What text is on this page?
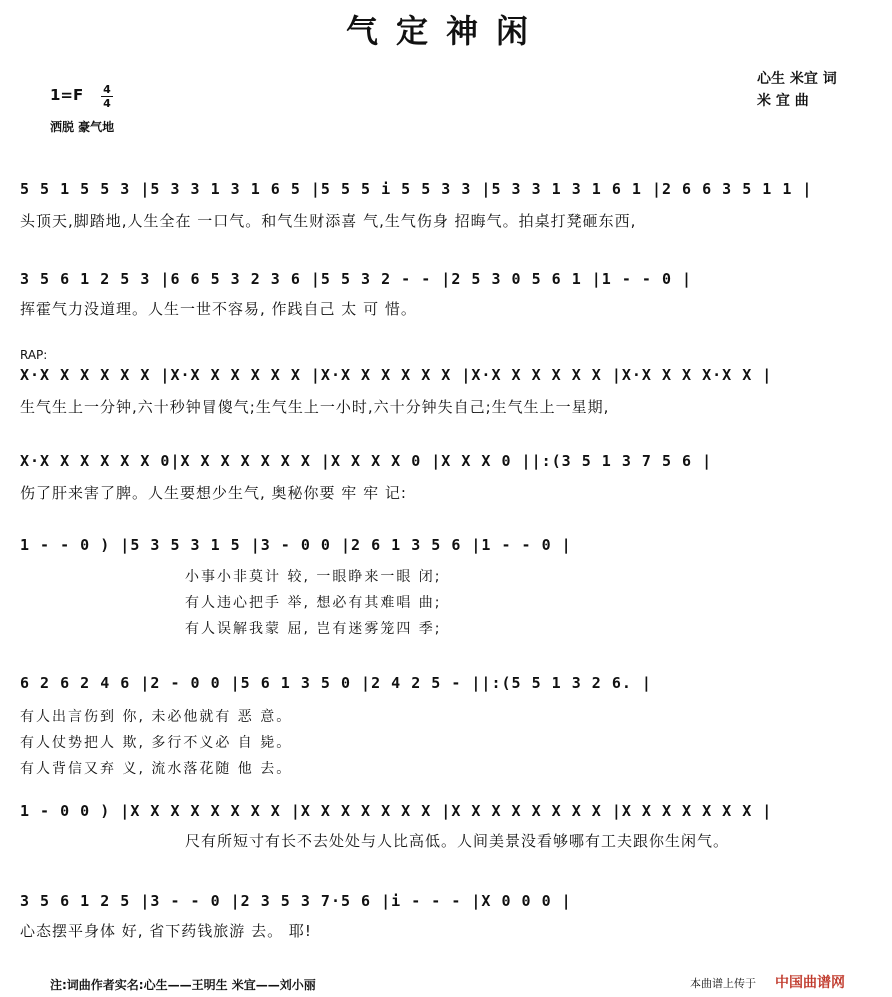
气定神闲
心生 米宜 词
米 宜 曲
1=F 4
4
洒脱 豪气地
5 5 1 5 5 3 |5 3 3 1 3 1 6 5 |5 5 5 i 5 5 3 3 |5 3 3 1 3 1 6 1 |2 6 6 3 5 1 1 |
头顶天,脚踏地,人生全在 一口气。和气生财添喜 气,生气伤身 招晦气。拍桌打凳砸东西,
3 5 6 1 2 5 3 |6 6 5 3 2 3 6 |5 5 3 2 - - |2 5 3 0 5 6 1 |1 - - 0 |
挥霍气力没道理。人生一世不容易, 作践自己 太 可 惜。
RAP:
X·X X X X X X |X·X X X X X X |X·X X X X X X |X·X X X X X X |X·X X X X·X X |
生气生上一分钟,六十秒钟冒傻气;生气生上一小时,六十分钟失自己;生气生上一星期,
X·X X X X X X 0|X X X X X X X |X X X X 0 |X X X 0 ||:(3 5 1 3 7 5 6 |
伤了肝来害了脾。人生要想少生气, 奥秘你要 牢 牢 记:
1 - - 0 ) |5 3 5 3 1 5 |3 - 0 0 |2 6 1 3 5 6 |1 - - 0 |
小事小非莫计 较, 一眼睁来一眼 闭;
有人违心把手 举, 想必有其难唱 曲;
有人误解我蒙 屈, 岂有迷雾笼四 季;
6 2 6 2 4 6 |2 - 0 0 |5 6 1 3 5 0 |2 4 2 5 - ||:(5 5 1 3 2 6. |
有人出言伤到 你, 未必他就有 恶 意。
有人仗势把人 欺, 多行不义必 自 毙。
有人背信又弃 义, 流水落花随 他 去。
1 - 0 0 ) |X X X X X X X X |X X X X X X X |X X X X X X X X |X X X X X X X |
尺有所短寸有长不去处处与人比高低。人间美景没看够哪有工夫跟你生闲气。
3 5 6 1 2 5 |3 - - 0 |2 3 5 3 7·5 6 |i - - - |X 0 0 0 |
心态摆平身体 好, 省下药钱旅游 去。 耶!
注:词曲作者实名:心生——王明生 米宜——刘小丽	本曲谱上传于 中国曲谱网
